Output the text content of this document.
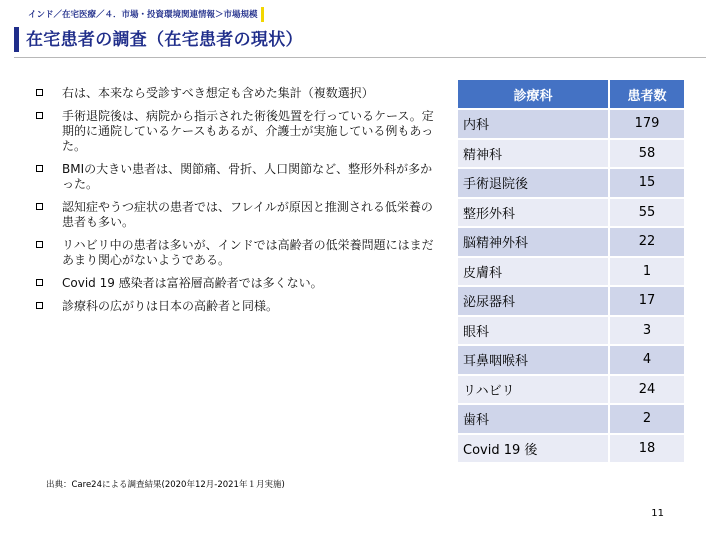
インド／在宅医療／４．市場・投資環境関連情報＞市場規模
在宅患者の調査（在宅患者の現状）
右は、本来なら受診すべき想定も含めた集計（複数選択）
手術退院後は、病院から指示された術後処置を行っているケース。定期的に通院しているケースもあるが、介護士が実施している例もあった。
BMIの大きい患者は、関節痛、骨折、人口関節など、整形外科が多かった。
認知症やうつ症状の患者では、フレイルが原因と推測される低栄養の患者も多い。
リハビリ中の患者は多いが、インドでは高齢者の低栄養問題にはまだあまり関心がないようである。
Covid 19 感染者は富裕層高齢者では多くない。
診療科の広がりは日本の高齢者と同様。
診療科	患者数
内科	179
精神科	58
手術退院後	15
整形外科	55
脳精神外科	22
皮膚科	1
泌尿器科	17
眼科	3
耳鼻咽喉科	4
リハビリ	24
歯科	2
Covid 19 後	18
出典：Care24による調査結果(2020年12月-2021年１月実施)
11
